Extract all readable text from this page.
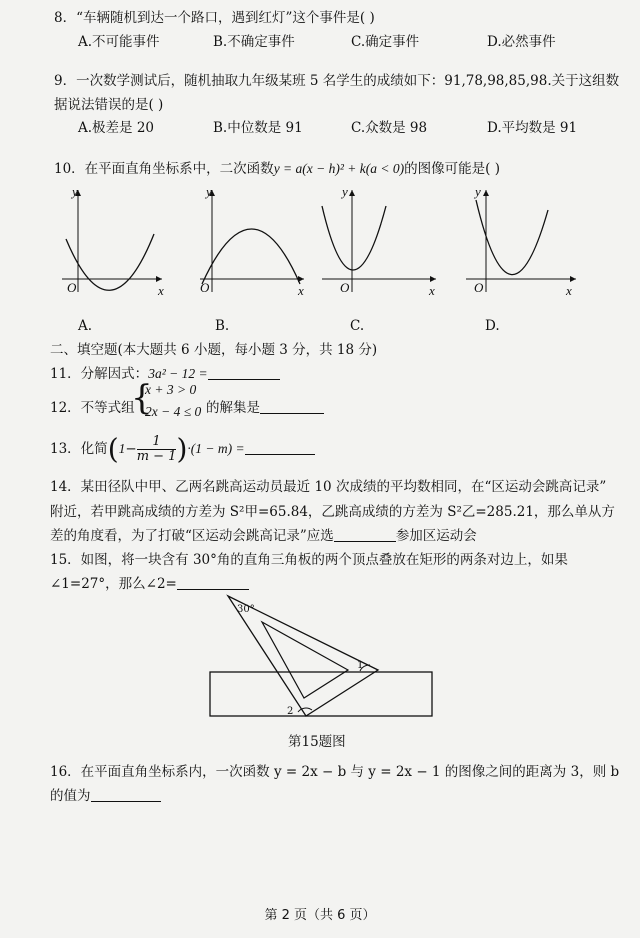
8．“车辆随机到达一个路口，遇到红灯”这个事件是( )
A.不可能事件	B.不确定事件	C.确定事件	D.必然事件
9．一次数学测试后，随机抽取九年级某班 5 名学生的成绩如下：91,78,98,85,98.关于这组数
据说法错误的是( )
A.极差是 20	B.中位数是 91	C.众数是 98	D.平均数是 91
10．在平面直角坐标系中，二次函数y = a(x − h)² + k(a < 0)的图像可能是( )
y
O	x
y
O	x
y
O	x
y
O	x
A.	B.	C.	D.
二、填空题(本大题共 6 小题，每小题 3 分，共 18 分)
11．分解因式：3a² − 12 =
12．不等式组
{
x + 3 > 0
2x − 4 ≤ 0 的解集是
13．化简$(1- \frac{1}{m - 1} )\cdot(1 - m)$ =
14．某田径队中甲、乙两名跳高运动员最近 10 次成绩的平均数相同，在“区运动会跳高记录”
附近，若甲跳高成绩的方差为 S²甲=65.84，乙跳高成绩的方差为 S²乙=285.21，那么单从方
差的角度看，为了打破“区运动会跳高记录”应选	参加区运动会
15．如图，将一块含有 30°角的直角三角板的两个顶点叠放在矩形的两条对边上，如果
∠1=27°，那么∠2=
30°
1
2
第15题图
16．在平面直角坐标系内，一次函数 y = 2x − b 与 y = 2x − 1 的图像之间的距离为 3，则 b
的值为
第 2 页（共 6 页）
